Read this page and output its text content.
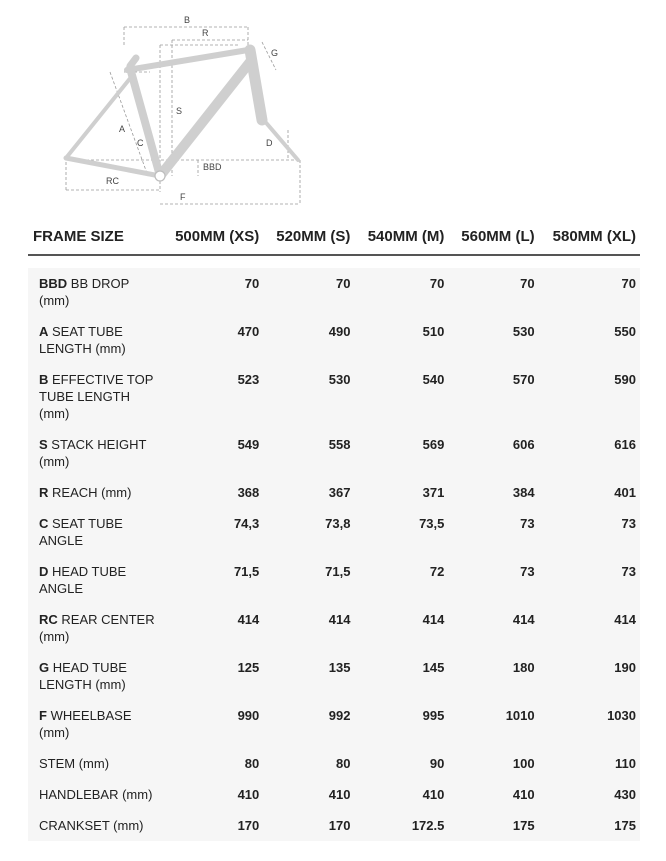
B
R
G
S
A
C	D
BBD
RC
F
FRAME SIZE	500MM (XS)	520MM (S)	540MM (M)	560MM (L)	580MM (XL)

BBD BB DROP (mm)	70	70	70	70	70
A SEAT TUBE LENGTH (mm)	470	490	510	530	550
B EFFECTIVE TOP TUBE LENGTH (mm)	523	530	540	570	590
S STACK HEIGHT (mm)	549	558	569	606	616
R REACH (mm)	368	367	371	384	401
C SEAT TUBE ANGLE	74,3	73,8	73,5	73	73
D HEAD TUBE ANGLE	71,5	71,5	72	73	73
RC REAR CENTER (mm)	414	414	414	414	414
G HEAD TUBE LENGTH (mm)	125	135	145	180	190
F WHEELBASE (mm)	990	992	995	1010	1030
STEM (mm)	80	80	90	100	110
HANDLEBAR (mm)	410	410	410	410	430
CRANKSET (mm)	170	170	172.5	175	175
